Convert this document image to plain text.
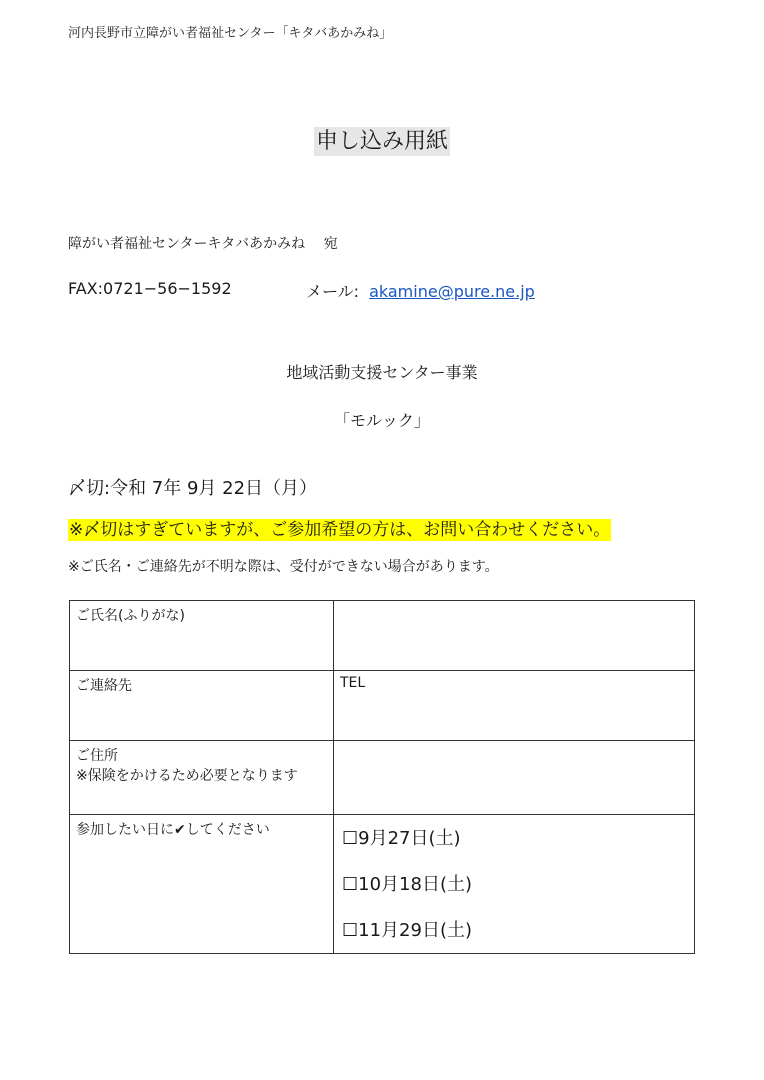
河内長野市立障がい者福祉センター「キタバあかみね」
申し込み用紙
障がい者福祉センターキタバあかみね　 宛
FAX:0721−56−1592	メール: akamine@pure.ne.jp
地域活動支援センター事業
「モルック」
〆切:令和 7年 9月 22日（月）
※〆切はすぎていますが、ご参加希望の方は、お問い合わせください。
※ご氏名・ご連絡先が不明な際は、受付ができない場合があります。
ご氏名(ふりがな)	
ご連絡先	TEL

ご住所
※保険をかけるため必要となります	

参加したい日に✔してください	☐9月27日(土)
☐10月18日(土)
☐11月29日(土)
